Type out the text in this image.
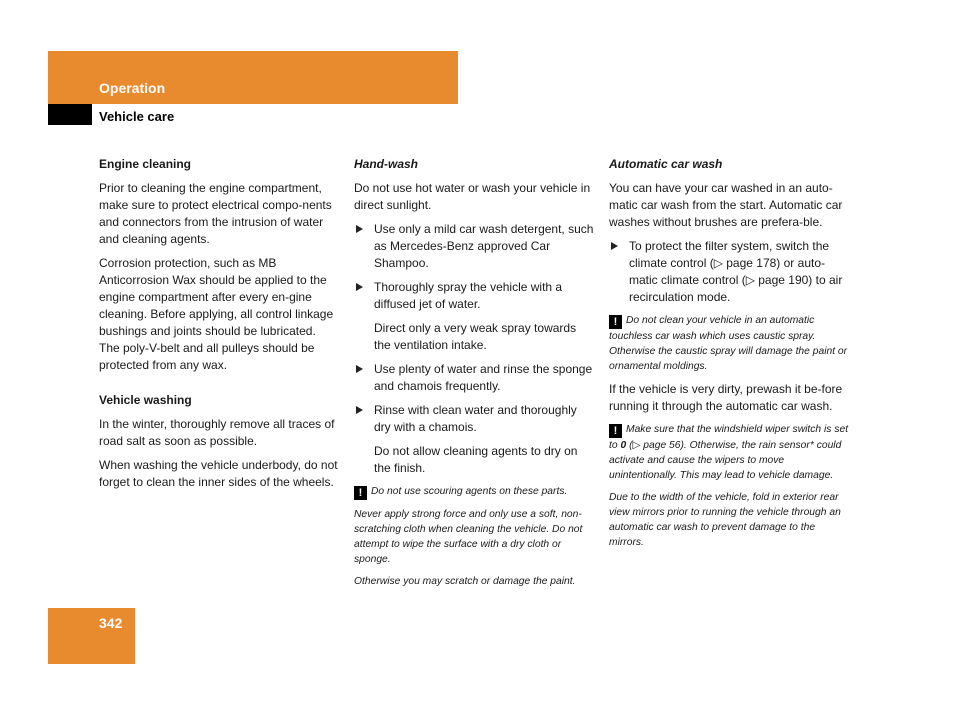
Operation
Vehicle care

Engine cleaning

Prior to cleaning the engine compartment, make sure to protect electrical compo-nents and connectors from the intrusion of water and cleaning agents.

Corrosion protection, such as MB Anticorrosion Wax should be applied to the engine compartment after every en-gine cleaning. Before applying, all control linkage bushings and joints should be lubricated. The poly-V-belt and all pulleys should be protected from any wax.

Vehicle washing

In the winter, thoroughly remove all traces of road salt as soon as possible.

When washing the vehicle underbody, do not forget to clean the inner sides of the wheels.

Hand-wash

Do not use hot water or wash your vehicle in direct sunlight.

Use only a mild car wash detergent, such as Mercedes-Benz approved Car Shampoo.
Thoroughly spray the vehicle with a diffused jet of water.

Direct only a very weak spray towards the ventilation intake.

Use plenty of water and rinse the sponge and chamois frequently.
Rinse with clean water and thoroughly dry with a chamois.

Do not allow cleaning agents to dry on the finish.

! Do not use scouring agents on these parts.

Never apply strong force and only use a soft, non-scratching cloth when cleaning the vehicle. Do not attempt to wipe the surface with a dry cloth or sponge.

Otherwise you may scratch or damage the paint.

Automatic car wash

You can have your car washed in an auto-matic car wash from the start. Automatic car washes without brushes are prefera-ble.

To protect the filter system, switch the climate control (▷ page 178) or auto-matic climate control (▷ page 190) to air recirculation mode.

! Do not clean your vehicle in an automatic touchless car wash which uses caustic spray. Otherwise the caustic spray will damage the paint or ornamental moldings.

If the vehicle is very dirty, prewash it be-fore running it through the automatic car wash.

! Make sure that the windshield wiper switch is set to 0 (▷ page 56). Otherwise, the rain sensor* could activate and cause the wipers to move unintentionally. This may lead to vehicle damage.

Due to the width of the vehicle, fold in exterior rear view mirrors prior to running the vehicle through an automatic car wash to prevent damage to the mirrors.

342
